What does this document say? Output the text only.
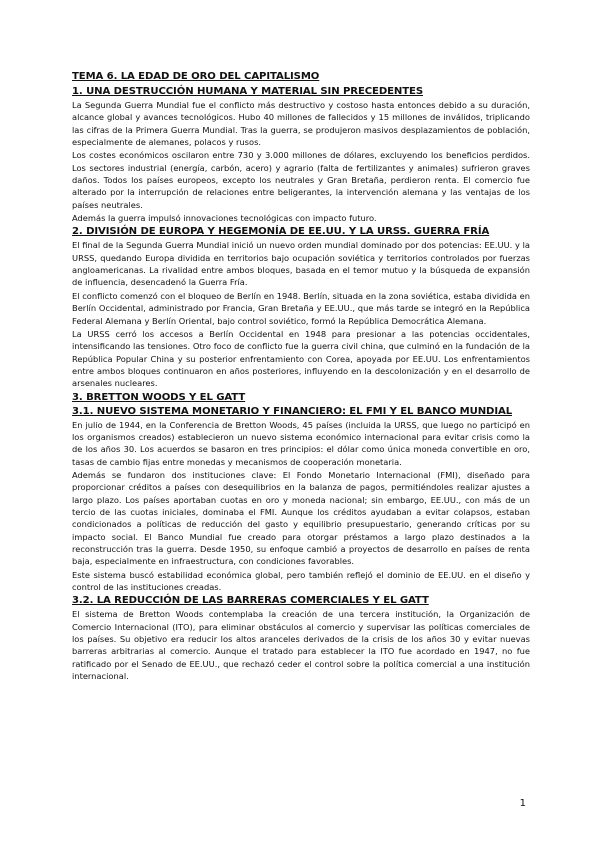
TEMA 6. LA EDAD DE ORO DEL CAPITALISMO
1. UNA DESTRUCCIÓN HUMANA Y MATERIAL SIN PRECEDENTES

La Segunda Guerra Mundial fue el conflicto más destructivo y costoso hasta entonces debido a su duración, alcance global y avances tecnológicos. Hubo 40 millones de fallecidos y 15 millones de inválidos, triplicando las cifras de la Primera Guerra Mundial. Tras la guerra, se produjeron masivos desplazamientos de población, especialmente de alemanes, polacos y rusos.

Los costes económicos oscilaron entre 730 y 3.000 millones de dólares, excluyendo los beneficios perdidos. Los sectores industrial (energía, carbón, acero) y agrario (falta de fertilizantes y animales) sufrieron graves daños. Todos los países europeos, excepto los neutrales y Gran Bretaña, perdieron renta. El comercio fue alterado por la interrupción de relaciones entre beligerantes, la intervención alemana y las ventajas de los países neutrales.

Además la guerra impulsó innovaciones tecnológicas con impacto futuro.

2. DIVISIÓN DE EUROPA Y HEGEMONÍA DE EE.UU. Y LA URSS. GUERRA FRÍA

El final de la Segunda Guerra Mundial inició un nuevo orden mundial dominado por dos potencias: EE.UU. y la URSS, quedando Europa dividida en territorios bajo ocupación soviética y territorios controlados por fuerzas angloamericanas. La rivalidad entre ambos bloques, basada en el temor mutuo y la búsqueda de expansión de influencia, desencadenó la Guerra Fría.

El conflicto comenzó con el bloqueo de Berlín en 1948. Berlín, situada en la zona soviética, estaba dividida en Berlín Occidental, administrado por Francia, Gran Bretaña y EE.UU., que más tarde se integró en la República Federal Alemana y Berlín Oriental, bajo control soviético, formó la República Democrática Alemana.

La URSS cerró los accesos a Berlín Occidental en 1948 para presionar a las potencias occidentales, intensificando las tensiones. Otro foco de conflicto fue la guerra civil china, que culminó en la fundación de la República Popular China y su posterior enfrentamiento con Corea, apoyada por EE.UU. Los enfrentamientos entre ambos bloques continuaron en años posteriores, influyendo en la descolonización y en el desarrollo de arsenales nucleares.

3. BRETTON WOODS Y EL GATT
3.1. NUEVO SISTEMA MONETARIO Y FINANCIERO: EL FMI Y EL BANCO MUNDIAL

En julio de 1944, en la Conferencia de Bretton Woods, 45 países (incluida la URSS, que luego no participó en los organismos creados) establecieron un nuevo sistema económico internacional para evitar crisis como la de los años 30. Los acuerdos se basaron en tres principios: el dólar como única moneda convertible en oro, tasas de cambio fijas entre monedas y mecanismos de cooperación monetaria.

Además se fundaron dos instituciones clave: El Fondo Monetario Internacional (FMI), diseñado para proporcionar créditos a países con desequilibrios en la balanza de pagos, permitiéndoles realizar ajustes a largo plazo. Los países aportaban cuotas en oro y moneda nacional; sin embargo, EE.UU., con más de un tercio de las cuotas iniciales, dominaba el FMI. Aunque los créditos ayudaban a evitar colapsos, estaban condicionados a políticas de reducción del gasto y equilibrio presupuestario, generando críticas por su impacto social. El Banco Mundial fue creado para otorgar préstamos a largo plazo destinados a la reconstrucción tras la guerra. Desde 1950, su enfoque cambió a proyectos de desarrollo en países de renta baja, especialmente en infraestructura, con condiciones favorables.

Este sistema buscó estabilidad económica global, pero también reflejó el dominio de EE.UU. en el diseño y control de las instituciones creadas.

3.2. LA REDUCCIÓN DE LAS BARRERAS COMERCIALES Y EL GATT

El sistema de Bretton Woods contemplaba la creación de una tercera institución, la Organización de Comercio Internacional (ITO), para eliminar obstáculos al comercio y supervisar las políticas comerciales de los países. Su objetivo era reducir los altos aranceles derivados de la crisis de los años 30 y evitar nuevas barreras arbitrarias al comercio. Aunque el tratado para establecer la ITO fue acordado en 1947, no fue ratificado por el Senado de EE.UU., que rechazó ceder el control sobre la política comercial a una institución internacional.

1
